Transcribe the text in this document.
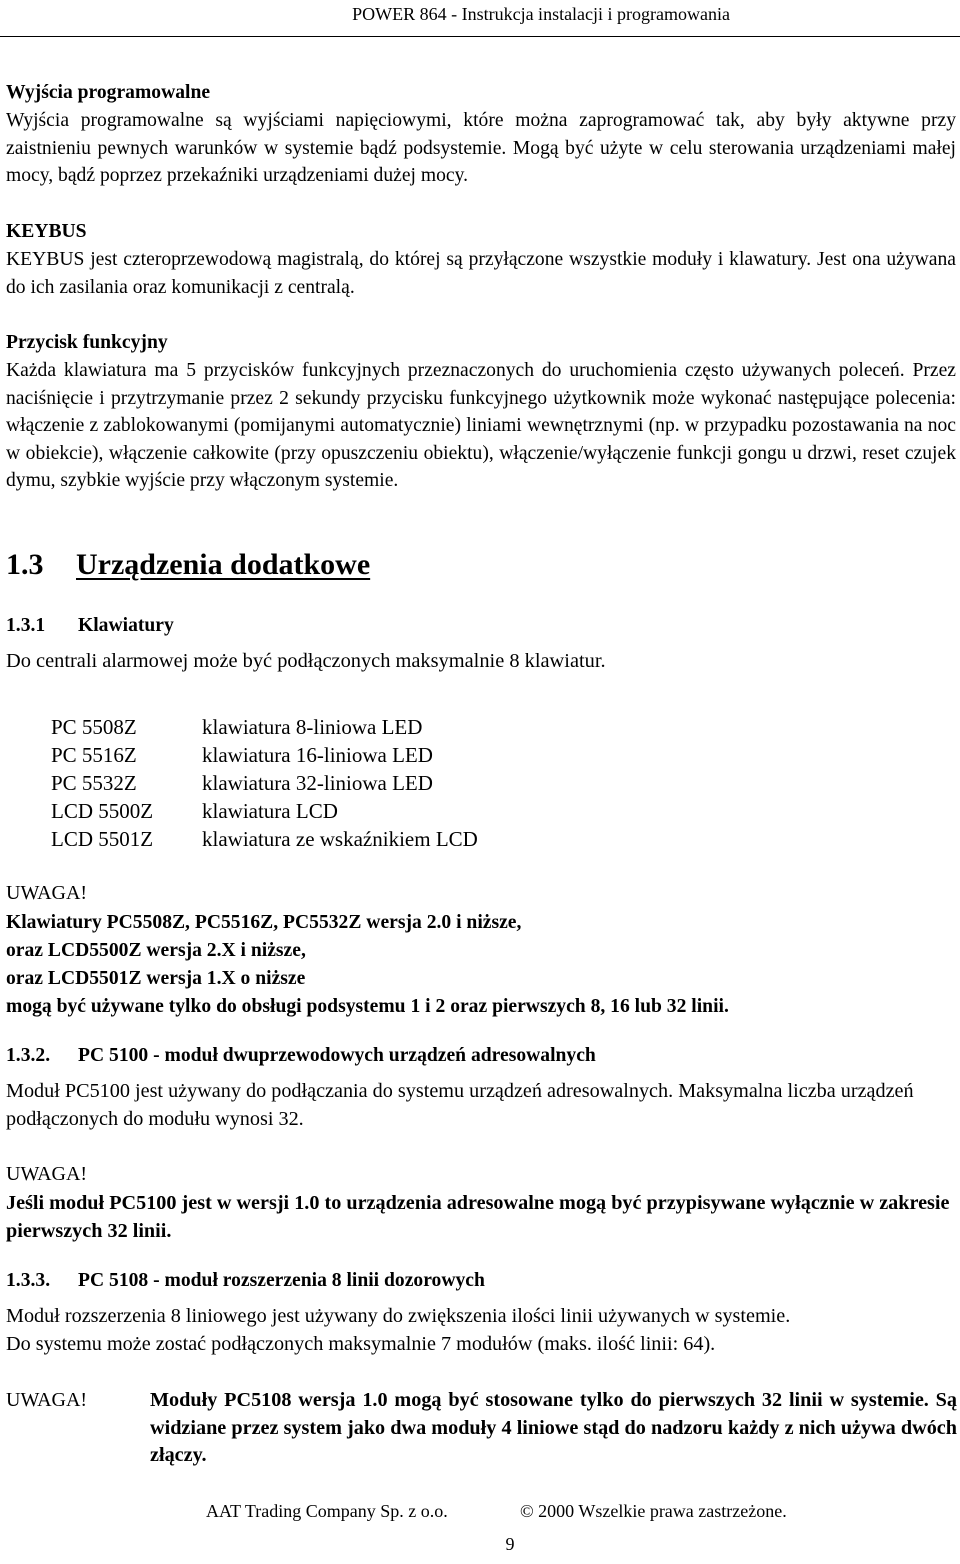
POWER 864 - Instrukcja instalacji i programowania

Wyjścia programowalne

Wyjścia programowalne są wyjściami napięciowymi, które można zaprogramować tak, aby były aktywne przy zaistnieniu pewnych warunków w systemie bądź podsystemie. Mogą być użyte w celu sterowania urządzeniami małej mocy, bądź poprzez przekaźniki urządzeniami dużej mocy.

KEYBUS

KEYBUS jest czteroprzewodową magistralą, do której są przyłączone wszystkie moduły i klawatury. Jest ona używana do ich zasilania oraz komunikacji z centralą.

Przycisk funkcyjny

Każda klawiatura ma 5 przycisków funkcyjnych przeznaczonych do uruchomienia często używanych poleceń. Przez naciśnięcie i przytrzymanie przez 2 sekundy przycisku funkcyjnego użytkownik może wykonać następujące polecenia: włączenie z zablokowanymi (pomijanymi automatycznie) liniami wewnętrznymi (np. w przypadku pozostawania na noc w obiekcie), włączenie całkowite (przy opuszczeniu obiektu), włączenie/wyłączenie funkcji gongu u drzwi, reset czujek dymu, szybkie wyjście przy włączonym systemie.

1.3 Urządzenia dodatkowe
1.3.1 Klawiatury

Do centrali alarmowej może być podłączonych maksymalnie 8 klawiatur.

PC 5508Z	klawiatura 8-liniowa LED
PC 5516Z	klawiatura 16-liniowa LED
PC 5532Z	klawiatura 32-liniowa LED
LCD 5500Z	klawiatura LCD
LCD 5501Z	klawiatura ze wskaźnikiem LCD

UWAGA!

Klawiatury PC5508Z, PC5516Z, PC5532Z wersja 2.0 i niższe,

oraz LCD5500Z wersja 2.X i niższe,

oraz LCD5501Z wersja 1.X o niższe

mogą być używane tylko do obsługi podsystemu 1 i 2 oraz pierwszych 8, 16 lub 32 linii.

1.3.2. PC 5100 - moduł dwuprzewodowych urządzeń adresowalnych

Moduł PC5100 jest używany do podłączania do systemu urządzeń adresowalnych. Maksymalna liczba urządzeń podłączonych do modułu wynosi 32.

UWAGA!

Jeśli moduł PC5100 jest w wersji 1.0 to urządzenia adresowalne mogą być przypisywane wyłącznie w zakresie pierwszych 32 linii.

1.3.3. PC 5108 - moduł rozszerzenia 8 linii dozorowych

Moduł rozszerzenia 8 liniowego jest używany do zwiększenia ilości linii używanych w systemie.

Do systemu może zostać podłączonych maksymalnie 7 modułów (maks. ilość linii: 64).

UWAGA!	Moduły PC5108 wersja 1.0 mogą być stosowane tylko do pierwszych 32 linii w systemie. Są widziane przez system jako dwa moduły 4 liniowe stąd do nadzoru każdy z nich używa dwóch złączy.

AAT Trading Company Sp. z o.o.	© 2000 Wszelkie prawa zastrzeżone.
9
